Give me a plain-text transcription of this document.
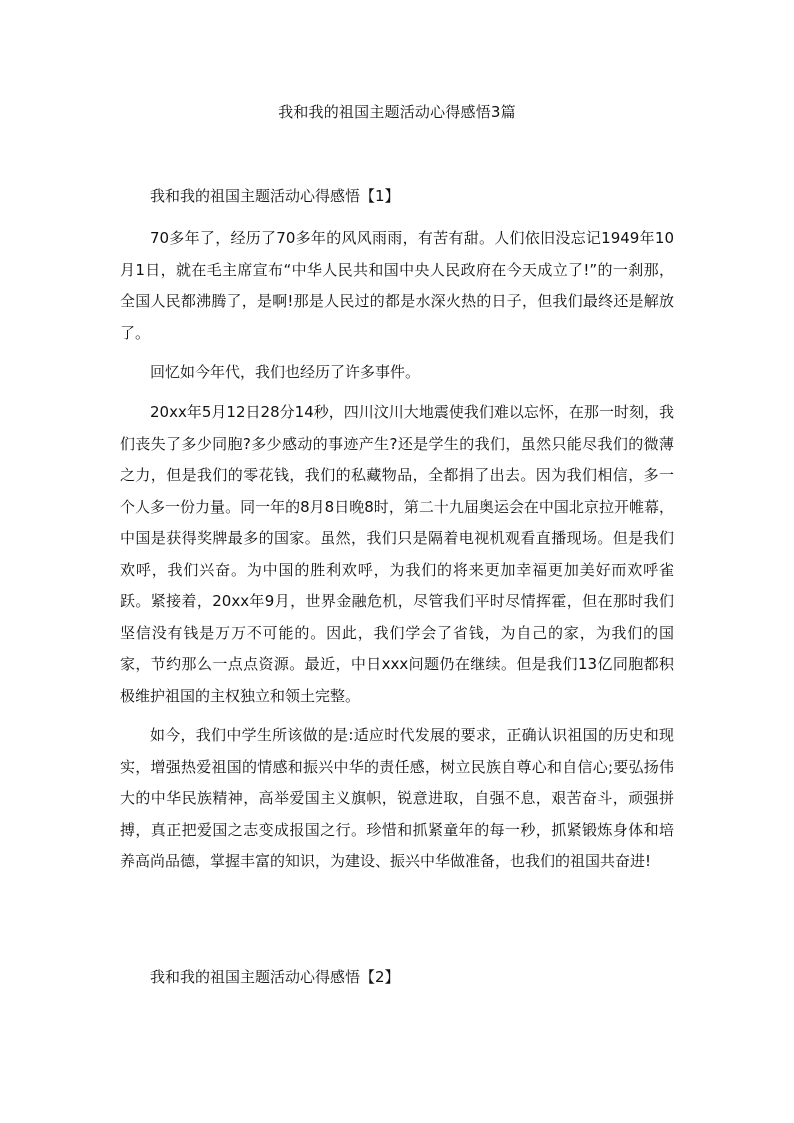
我和我的祖国主题活动心得感悟3篇
我和我的祖国主题活动心得感悟【1】

70多年了，经历了70多年的风风雨雨，有苦有甜。人们依旧没忘记1949年10月1日，就在毛主席宣布“中华人民共和国中央人民政府在今天成立了!”的一刹那，全国人民都沸腾了，是啊!那是人民过的都是水深火热的日子，但我们最终还是解放了。

回忆如今年代，我们也经历了许多事件。

20xx年5月12日28分14秒，四川汶川大地震使我们难以忘怀，在那一时刻，我们丧失了多少同胞?多少感动的事迹产生?还是学生的我们，虽然只能尽我们的微薄之力，但是我们的零花钱，我们的私藏物品，全都捐了出去。因为我们相信，多一个人多一份力量。同一年的8月8日晚8时，第二十九届奥运会在中国北京拉开帷幕，中国是获得奖牌最多的国家。虽然，我们只是隔着电视机观看直播现场。但是我们欢呼，我们兴奋。为中国的胜利欢呼，为我们的将来更加幸福更加美好而欢呼雀跃。紧接着，20xx年9月，世界金融危机，尽管我们平时尽情挥霍，但在那时我们坚信没有钱是万万不可能的。因此，我们学会了省钱，为自己的家，为我们的国家，节约那么一点点资源。最近，中日xxx问题仍在继续。但是我们13亿同胞都积极维护祖国的主权独立和领土完整。

如今，我们中学生所该做的是:适应时代发展的要求，正确认识祖国的历史和现实，增强热爱祖国的情感和振兴中华的责任感，树立民族自尊心和自信心;要弘扬伟大的中华民族精神，高举爱国主义旗帜，锐意进取，自强不息，艰苦奋斗，顽强拼搏，真正把爱国之志变成报国之行。珍惜和抓紧童年的每一秒，抓紧锻炼身体和培养高尚品德，掌握丰富的知识，为建设、振兴中华做准备，也我们的祖国共奋进!

我和我的祖国主题活动心得感悟【2】
